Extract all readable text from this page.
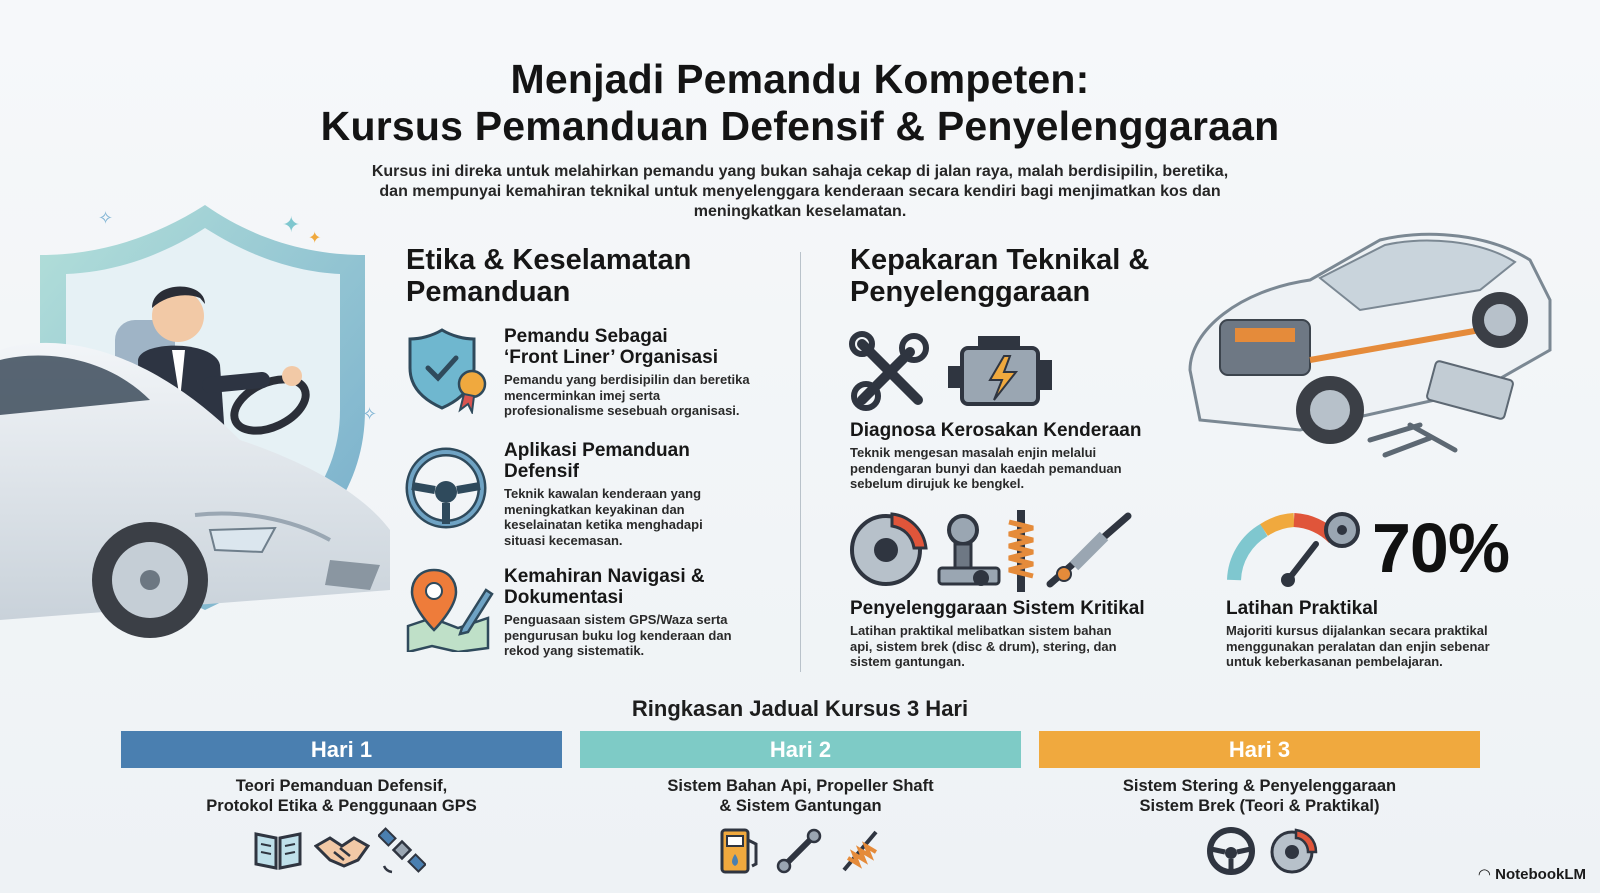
Menjadi Pemandu Kompeten:
Kursus Pemanduan Defensif & Penyelenggaraan
Kursus ini direka untuk melahirkan pemandu yang bukan sahaja cekap di jalan raya, malah berdisipilin, beretika, dan mempunyai kemahiran teknikal untuk menyelenggara kenderaan secara kendiri bagi menjimatkan kos dan meningkatkan keselamatan.
✦
✦
✧
✧
Etika & Keselamatan
Pemanduan
Pemandu Sebagai
‘Front Liner’ Organisasi
Pemandu yang berdisipilin dan beretika
mencerminkan imej serta
profesionalisme sesebuah organisasi.
Aplikasi Pemanduan
Defensif
Teknik kawalan kenderaan yang
meningkatkan keyakinan dan
keselainatan ketika menghadapi
situasi kecemasan.
Kemahiran Navigasi &
Dokumentasi
Penguasaan sistem GPS/Waza serta
pengurusan buku log kenderaan dan
rekod yang sistematik.
Kepakaran Teknikal &
Penyelenggaraan
Diagnosa Kerosakan Kenderaan
Teknik mengesan masalah enjin melalui
pendengaran bunyi dan kaedah pemanduan
sebelum dirujuk ke bengkel.
Penyelenggaraan Sistem Kritikal
Latihan praktikal melibatkan sistem bahan
api, sistem brek (disc & drum), stering, dan
sistem gantungan.
70%
Latihan Praktikal
Majoriti kursus dijalankan secara praktikal
menggunakan peralatan dan enjin sebenar
untuk keberkasanan pembelajaran.
Ringkasan Jadual Kursus 3 Hari
Hari 1	Hari 2	Hari 3
Teori Pemanduan Defensif,
Protokol Etika & Penggunaan GPS
Sistem Bahan Api, Propeller Shaft
& Sistem Gantungan
Sistem Stering & Penyelenggaraan
Sistem Brek (Teori & Praktikal)
◠ NotebookLM
